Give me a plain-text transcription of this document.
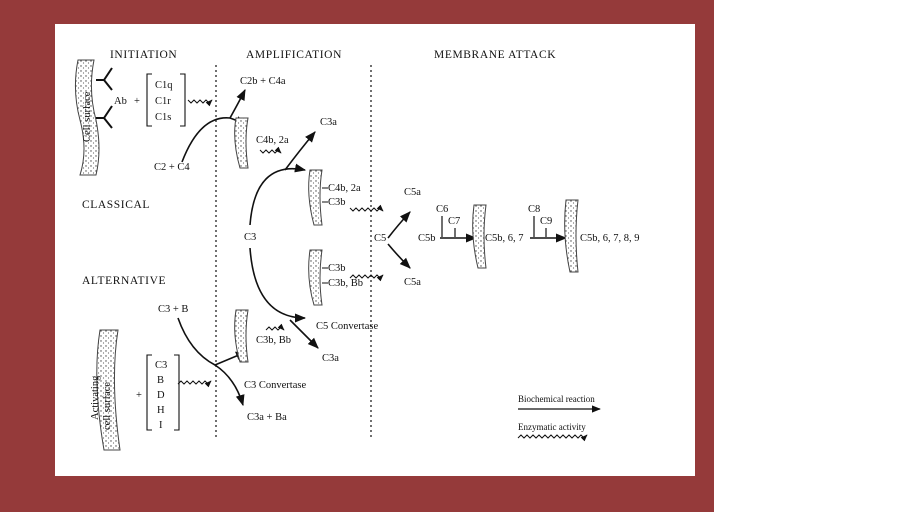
INITIATION	AMPLIFICATION	MEMBRANE ATTACK
CLASSICAL
ALTERNATIVE
Cell surface Ab +
C1q
C1r
C1s
C2 + C4
C2b + C4a
C4b, 2a
C3
C3a
C4b, 2a
C3b
C3 + B
Activating cell surface +
C3
B
D
H
I
C3a + Ba
C3b, Bb
C3 Convertase
C3a
C5 Convertase
C3b
C3b, Bb
C5
C5a
C5a
C5b
C6
C7
C5b, 6, 7
C8
C9
C5b, 6, 7, 8, 9
Biochemical reaction
Enzymatic activity
